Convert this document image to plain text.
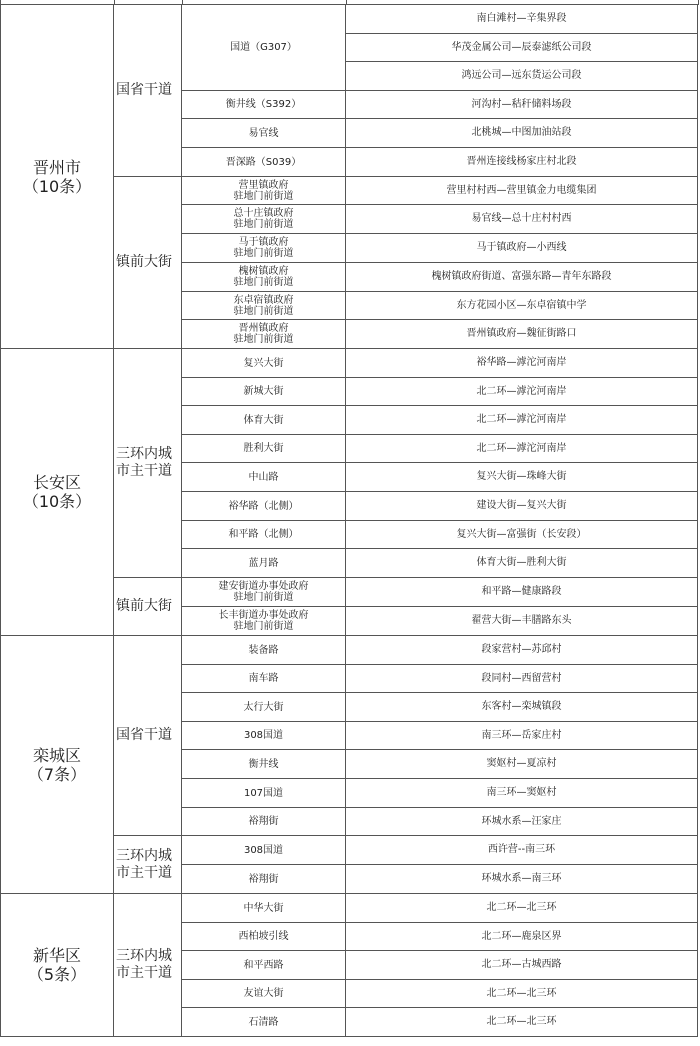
南白滩村—辛集界段
华茂金属公司—辰泰滤纸公司段
鸿远公司—远东货运公司段
国道（G307）
河沟村—秸秆储料场段
衡井线（S392）
北桃城—中图加油站段
易官线
晋州连接线杨家庄村北段
晋深路（S039）
国省干道
营里村村西—营里镇金力电缆集团
营里镇政府
驻地门前街道
易官线—总十庄村村西
总十庄镇政府
驻地门前街道
马于镇政府—小西线
马于镇政府
驻地门前街道
槐树镇政府街道、富强东路—青年东路段
槐树镇政府
驻地门前街道
东方花园小区—东卓宿镇中学
东卓宿镇政府
驻地门前街道
晋州镇政府—魏征街路口
晋州镇政府
驻地门前街道
镇前大街
晋州市
（10条）
裕华路—滹沱河南岸
复兴大街
北二环—滹沱河南岸
新城大街
北二环—滹沱河南岸
体育大街
北二环—滹沱河南岸
胜利大街
复兴大街—珠峰大街
中山路
建设大街—复兴大街
裕华路（北侧）
复兴大街—富强街（长安段）
和平路（北侧）
体育大街—胜利大街
蓝月路
三环内城
市主干道
和平路—健康路段
建安街道办事处政府
驻地门前街道
翟营大街—丰膳路东头
长丰街道办事处政府
驻地门前街道
镇前大街
长安区
（10条）
段家营村—苏邱村
装备路
段同村—西留营村
南车路
东客村—栾城镇段
太行大街
南三环—岳家庄村
308国道
窦妪村—夏凉村
衡井线
南三环—窦妪村
107国道
环城水系—汪家庄
裕翔街
国省干道
西许营--南三环
308国道
环城水系—南三环
裕翔街
三环内城
市主干道
栾城区
（7条）
北二环—北三环
中华大街
北二环—鹿泉区界
西柏坡引线
北二环—古城西路
和平西路
北二环—北三环
友谊大街
北二环—北三环
石清路
三环内城
市主干道
新华区
（5条）
